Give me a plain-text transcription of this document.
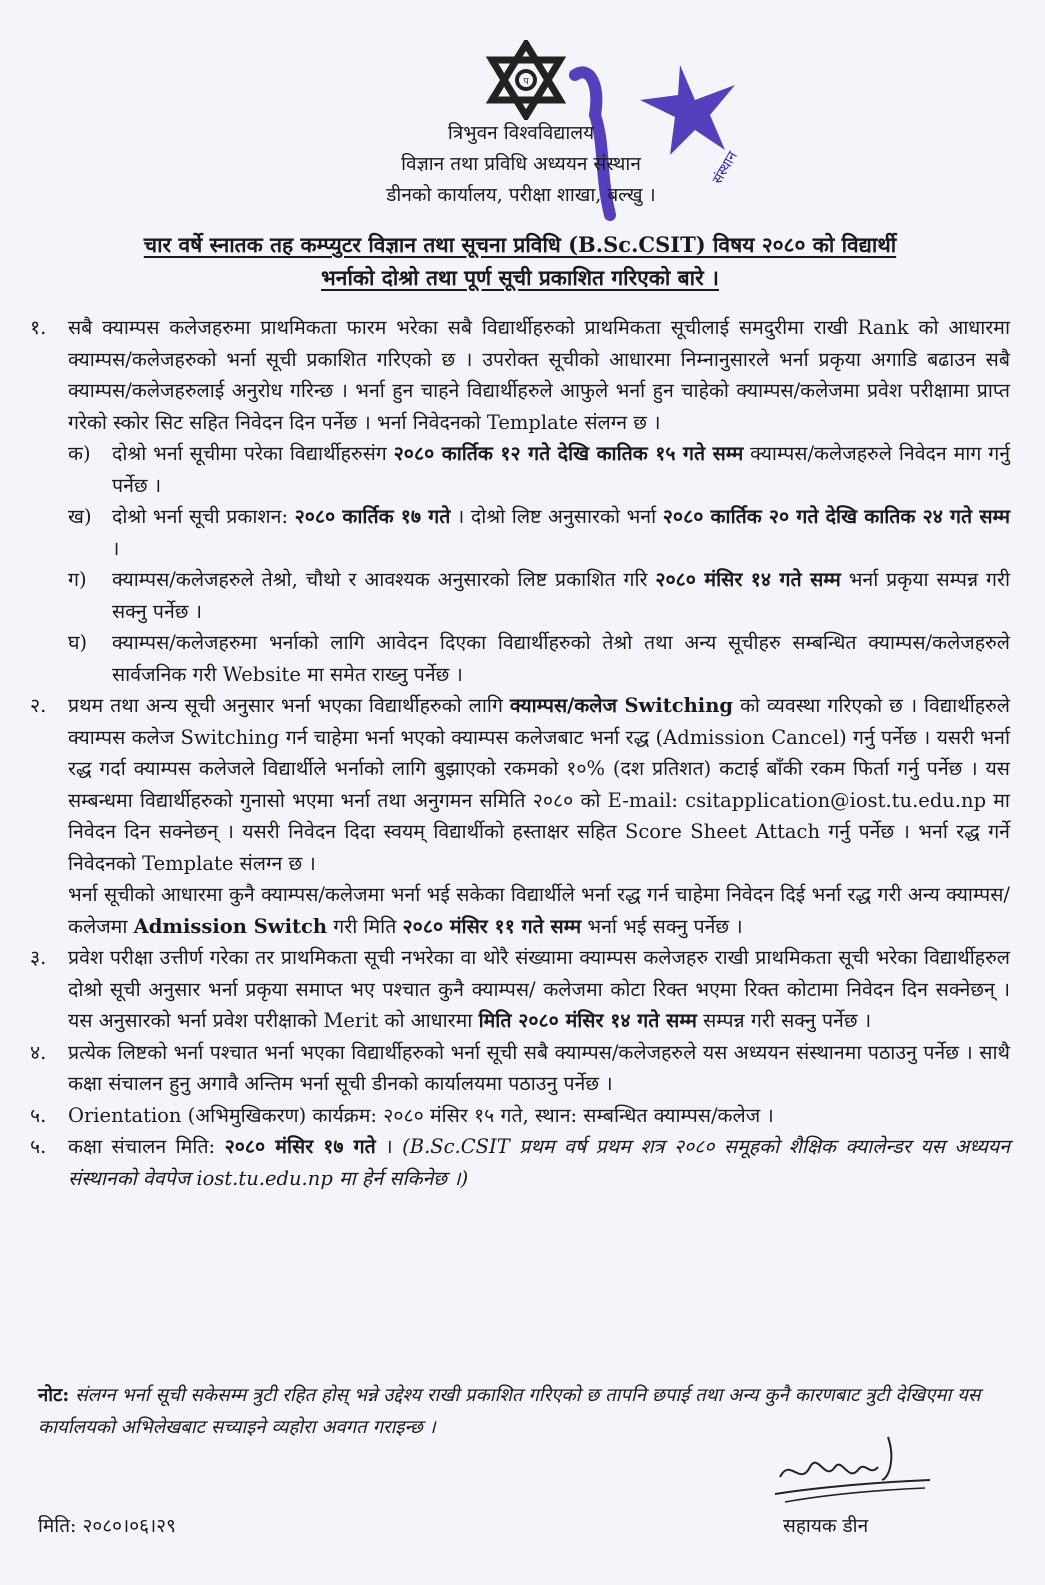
प
संस्थान
त्रिभुवन विश्वविद्यालय
विज्ञान तथा प्रविधि अध्ययन संस्थान
डीनको कार्यालय, परीक्षा शाखा, बल्खु ।
चार वर्षे स्नातक तह कम्प्युटर विज्ञान तथा सूचना प्रविधि (B.Sc.CSIT) विषय २०८० को विद्यार्थी
भर्नाको दोश्रो तथा पूर्ण सूची प्रकाशित गरिएको बारे ।
१.	सबै क्याम्पस कलेजहरुमा प्राथमिकता फारम भरेका सबै विद्यार्थीहरुको प्राथमिकता सूचीलाई समदुरीमा राखी Rank को आधारमा क्याम्पस/कलेजहरुको भर्ना सूची प्रकाशित गरिएको छ । उपरोक्त सूचीको आधारमा निम्नानुसारले भर्ना प्रकृया अगाडि बढाउन सबै क्याम्पस/कलेजहरुलाई अनुरोध गरिन्छ । भर्ना हुन चाहने विद्यार्थीहरुले आफुले भर्ना हुन चाहेको क्याम्पस/कलेजमा प्रवेश परीक्षामा प्राप्त गरेको स्कोर सिट सहित निवेदन दिन पर्नेछ । भर्ना निवेदनको Template संलग्न छ ।
क)	दोश्रो भर्ना सूचीमा परेका विद्यार्थीहरुसंग २०८० कार्तिक १२ गते देखि कातिक १५ गते सम्म क्याम्पस/कलेजहरुले निवेदन माग गर्नु पर्नेछ ।
ख)	दोश्रो भर्ना सूची प्रकाशन: २०८० कार्तिक १७ गते । दोश्रो लिष्ट अनुसारको भर्ना २०८० कार्तिक २० गते देखि कातिक २४ गते सम्म ।
ग)	क्याम्पस/कलेजहरुले तेश्रो, चौथो र आवश्यक अनुसारको लिष्ट प्रकाशित गरि २०८० मंसिर १४ गते सम्म भर्ना प्रकृया सम्पन्न गरी सक्नु पर्नेछ ।
घ)	क्याम्पस/कलेजहरुमा भर्नाको लागि आवेदन दिएका विद्यार्थीहरुको तेश्रो तथा अन्य सूचीहरु सम्बन्धित क्याम्पस/कलेजहरुले सार्वजनिक गरी Website मा समेत राख्नु पर्नेछ ।
२.	प्रथम तथा अन्य सूची अनुसार भर्ना भएका विद्यार्थीहरुको लागि क्याम्पस/कलेज Switching को व्यवस्था गरिएको छ । विद्यार्थीहरुले क्याम्पस कलेज Switching गर्न चाहेमा भर्ना भएको क्याम्पस कलेजबाट भर्ना रद्ध (Admission Cancel) गर्नु पर्नेछ । यसरी भर्ना रद्ध गर्दा क्याम्पस कलेजले विद्यार्थीले भर्नाको लागि बुझाएको रकमको १०% (दश प्रतिशत) कटाई बाँकी रकम फिर्ता गर्नु पर्नेछ । यस सम्बन्धमा विद्यार्थीहरुको गुनासो भएमा भर्ना तथा अनुगमन समिति २०८० को E-mail: csitapplication@iost.tu.edu.np मा निवेदन दिन सक्नेछन् । यसरी निवेदन दिदा स्वयम् विद्यार्थीको हस्ताक्षर सहित Score Sheet Attach गर्नु पर्नेछ । भर्ना रद्ध गर्ने निवेदनको Template संलग्न छ ।
भर्ना सूचीको आधारमा कुनै क्याम्पस/कलेजमा भर्ना भई सकेका विद्यार्थीले भर्ना रद्ध गर्न चाहेमा निवेदन दिई भर्ना रद्ध गरी अन्य क्याम्पस/कलेजमा Admission Switch गरी मिति २०८० मंसिर ११ गते सम्म भर्ना भई सक्नु पर्नेछ ।
३.	प्रवेश परीक्षा उत्तीर्ण गरेका तर प्राथमिकता सूची नभरेका वा थोरै संख्यामा क्याम्पस कलेजहरु राखी प्राथमिकता सूची भरेका विद्यार्थीहरुल दोश्रो सूची अनुसार भर्ना प्रकृया समाप्त भए पश्चात कुनै क्याम्पस/ कलेजमा कोटा रिक्त भएमा रिक्त कोटामा निवेदन दिन सक्नेछन् । यस अनुसारको भर्ना प्रवेश परीक्षाको Merit को आधारमा मिति २०८० मंसिर १४ गते सम्म सम्पन्न गरी सक्नु पर्नेछ ।
४.	प्रत्येक लिष्टको भर्ना पश्चात भर्ना भएका विद्यार्थीहरुको भर्ना सूची सबै क्याम्पस/कलेजहरुले यस अध्ययन संस्थानमा पठाउनु पर्नेछ । साथै कक्षा संचालन हुनु अगावै अन्तिम भर्ना सूची डीनको कार्यालयमा पठाउनु पर्नेछ ।
५.	Orientation (अभिमुखिकरण) कार्यक्रम: २०८० मंसिर १५ गते, स्थान: सम्बन्धित क्याम्पस/कलेज ।
५.	कक्षा संचालन मिति: २०८० मंसिर १७ गते । (B.Sc.CSIT प्रथम वर्ष प्रथम शत्र २०८० समूहको शैक्षिक क्यालेन्डर यस अध्ययन संस्थानको वेवपेज iost.tu.edu.np मा हेर्न सकिनेछ ।)
नोट: संलग्न भर्ना सूची सकेसम्म त्रुटी रहित होस् भन्ने उद्देश्य राखी प्रकाशित गरिएको छ तापनि छपाई तथा अन्य कुनै कारणबाट त्रुटी देखिएमा यस कार्यालयको अभिलेखबाट सच्याइने व्यहोरा अवगत गराइन्छ ।
मिति: २०८०।०६।२९	सहायक डीन
